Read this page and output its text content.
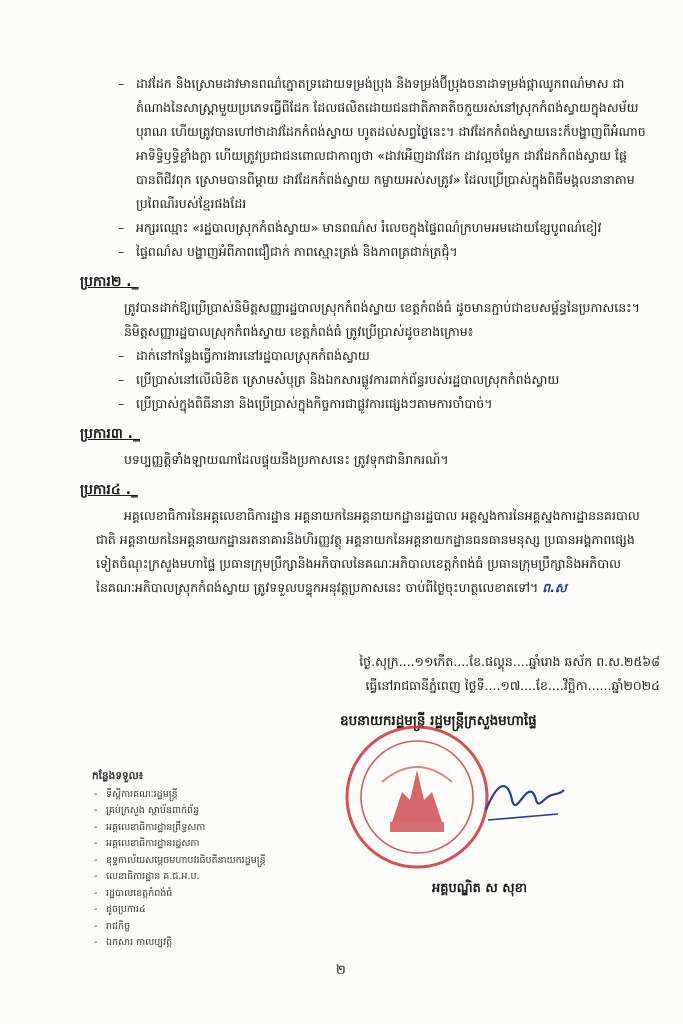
– ដាវដែក និងស្រោមដាវមានពណ៌ភ្នោតទ្រដោយទម្រង់ប្រុង និងទម្រង់ប៊ីប្រុងចនាដាទម្រង់ផ្កាឈូកពណ៌មាស ជាតំណាងនៃសាស្ត្រាមួយប្រភេទធ្វើពីដែក ដែលផលិតដោយជនជាតិភាគតិចកួយរស់នៅស្រុកកំពង់ស្វាយក្នុងសម័យបុរាណ ហើយត្រូវបានហៅថាដាវដែកកំពង់ស្វាយ ហូតដល់សព្វថ្ងៃនេះ។ ដាវដែកកំពង់ស្វាយនេះក៏បង្ហាញពីអំណាចអាទិទ្ធិឫទ្ធិខ្លាំងក្លា ហើយត្រូវប្រជាជនពោលជាកាព្យថា «ដាវអើញដាវដែក ដាវល្អចម្លែក ដាវដែកកំពង់ស្វាយ ផ្ដែបានពីជីវពុក ស្រោមបានពីម្ដាយ ដាវដែកកំពង់ស្វាយ កម្ចាយអស់សត្រូវ» ដែលប្រើប្រាស់ក្នុងពិធីមង្គលនានាតាមប្រពៃណីរបស់ខ្មែរផងដែរ

– អក្សរឈ្មោះ «រដ្ឋបាលស្រុកកំពង់ស្វាយ» មានពណ៌ស រំលេចក្នុងផ្ទៃពណ៌ក្រហមអមដោយខ្សែបូពណ៌ខៀវ

– ផ្ទៃពណ៌ស បង្ហាញអំពីភាពជឿជាក់ ភាពស្មោះត្រង់ និងភាពត្រជាក់ត្រជុំ។

ប្រការ២ ._

ត្រូវបានដាក់ឱ្យប្រើប្រាស់និមិត្តសញ្ញារដ្ឋបាលស្រុកកំពង់ស្វាយ ខេត្តកំពង់ធំ ដូចមានភ្ជាប់ជាឧបសម្ព័ន្ធនៃប្រកាសនេះ។

និមិត្តសញ្ញារដ្ឋបាលស្រុកកំពង់ស្វាយ ខេត្តកំពង់ធំ ត្រូវប្រើប្រាស់ដូចខាងក្រោម៖

– ដាក់នៅកន្លែងធ្វើការងារនៅរដ្ឋបាលស្រុកកំពង់ស្វាយ

– ប្រើប្រាស់នៅលើលិខិត ស្រោមសំបុត្រ និងឯកសារផ្លូវការពាក់ព័ន្ធរបស់រដ្ឋបាលស្រុកកំពង់ស្វាយ

– ប្រើប្រាស់ក្នុងពិធីនានា និងប្រើប្រាស់ក្នុងកិច្ចការជាផ្លូវការផ្សេងៗតាមការចាំបាច់។

ប្រការ៣ ._

បទប្បញ្ញត្តិទាំងឡាយណាដែលផ្ទុយនឹងប្រកាសនេះ ត្រូវទុកជានិរាករណ៍។

ប្រការ៤ ._

អគ្គលេខាធិការនៃអគ្គលេខាធិការដ្ឋាន អគ្គនាយកនៃអគ្គនាយកដ្ឋានរដ្ឋបាល អគ្គស្នងការនៃអគ្គស្នងការដ្ឋាននគរបាលជាតិ អគ្គនាយកនៃអគ្គនាយកដ្ឋានរតនាគារនិងហិរញ្ញវត្ថុ អគ្គនាយកនៃអគ្គនាយកដ្ឋានធនធានមនុស្ស ប្រធានអង្គភាពផ្សេងទៀតចំណុះក្រសួងមហាផ្ទៃ ប្រធានក្រុមប្រឹក្សានិងអភិបាលនៃគណៈអភិបាលខេត្តកំពង់ធំ ប្រធានក្រុមប្រឹក្សានិងអភិបាលនៃគណៈអភិបាលស្រុកកំពង់ស្វាយ ត្រូវទទួលបន្ទុកអនុវត្តប្រកាសនេះ ចាប់ពីថ្ងៃចុះហត្ថលេខាតទៅ។ ព.ស

ថ្ងៃ.សុក្រ....១១កើត....ខែ.ផល្គុន....ឆ្នាំរោង ឆស័ក ព.ស.២៥៦៨

ធ្វើនៅរាជធានីភ្នំពេញ ថ្ងៃទី....១៧....ខែ....វិច្ឆិកា......ឆ្នាំ២០២៤

ឧបនាយករដ្ឋមន្ត្រី រដ្ឋមន្ត្រីក្រសួងមហាផ្ទៃ
អគ្គបណ្ឌិត ស សុខា
កន្លែងទទួល៖
- ទីស្តីការគណៈរដ្ឋមន្ត្រី
- គ្រប់ក្រសួង ស្ថាប័នពាក់ព័ន្ធ
- អគ្គលេខាធិការដ្ឋានព្រឹទ្ធសភា
- អគ្គលេខាធិការដ្ឋានរដ្ឋសភា
- ខុទ្ទកាល័យសម្តេចមហាបវរធិបតីនាយករដ្ឋមន្ត្រី
- លេខាធិការដ្ឋាន គ.ជ.អ.ប.
- រដ្ឋបាលខេត្តកំពង់ធំ
- ដូចប្រការ៤
- រាជកិច្ច
- ឯកសារ កាលប្បវត្តិ
២
